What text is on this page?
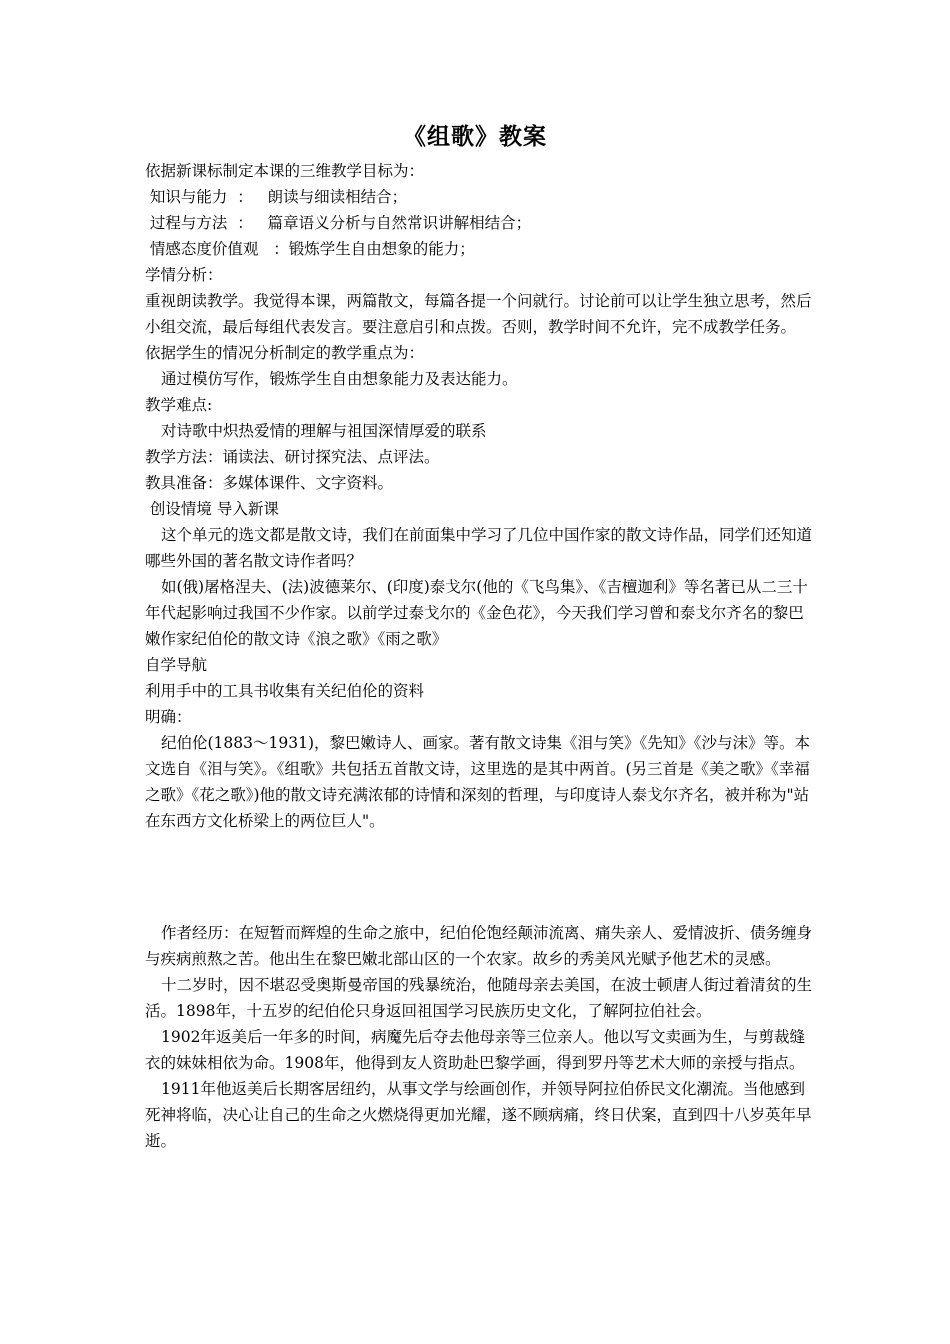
《组歌》教案

依据新课标制定本课的三维教学目标为：

知识与能力  ：   朗读与细读相结合；

过程与方法  ：   篇章语义分析与自然常识讲解相结合；

情感态度价值观   ：锻炼学生自由想象的能力；

学情分析：

重视朗读教学。我觉得本课，两篇散文，每篇各提一个问就行。讨论前可以让学生独立思考，然后小组交流，最后每组代表发言。要注意启引和点拨。否则，教学时间不允许，完不成教学任务。

依据学生的情况分析制定的教学重点为：

通过模仿写作，锻炼学生自由想象能力及表达能力。

教学难点:

对诗歌中炽热爱情的理解与祖国深情厚爱的联系

教学方法：诵读法、研讨探究法、点评法。

教具准备：多媒体课件、文字资料。

创设情境 导入新课

这个单元的选文都是散文诗，我们在前面集中学习了几位中国作家的散文诗作品，同学们还知道哪些外国的著名散文诗作者吗？

如(俄)屠格涅夫、(法)波德莱尔、(印度)泰戈尔(他的《飞鸟集》、《吉檀迦利》等名著已从二三十年代起影响过我国不少作家。以前学过泰戈尔的《金色花》，今天我们学习曾和泰戈尔齐名的黎巴嫩作家纪伯伦的散文诗《浪之歌》《雨之歌》

自学导航

利用手中的工具书收集有关纪伯伦的资料

明确：

纪伯伦(1883～1931)，黎巴嫩诗人、画家。著有散文诗集《泪与笑》《先知》《沙与沫》等。本文选自《泪与笑》。《组歌》共包括五首散文诗，这里选的是其中两首。(另三首是《美之歌》《幸福之歌》《花之歌》)他的散文诗充满浓郁的诗情和深刻的哲理，与印度诗人泰戈尔齐名，被并称为"站在东西方文化桥梁上的两位巨人"。

作者经历：在短暂而辉煌的生命之旅中，纪伯伦饱经颠沛流离、痛失亲人、爱情波折、债务缠身与疾病煎熬之苦。他出生在黎巴嫩北部山区的一个农家。故乡的秀美风光赋予他艺术的灵感。

十二岁时，因不堪忍受奥斯曼帝国的残暴统治，他随母亲去美国，在波士顿唐人街过着清贫的生活。1898年，十五岁的纪伯伦只身返回祖国学习民族历史文化，了解阿拉伯社会。

1902年返美后一年多的时间，病魔先后夺去他母亲等三位亲人。他以写文卖画为生，与剪裁缝衣的妹妹相依为命。1908年，他得到友人资助赴巴黎学画，得到罗丹等艺术大师的亲授与指点。

1911年他返美后长期客居纽约，从事文学与绘画创作，并领导阿拉伯侨民文化潮流。当他感到死神将临，决心让自己的生命之火燃烧得更加光耀，遂不顾病痛，终日伏案，直到四十八岁英年早逝。
